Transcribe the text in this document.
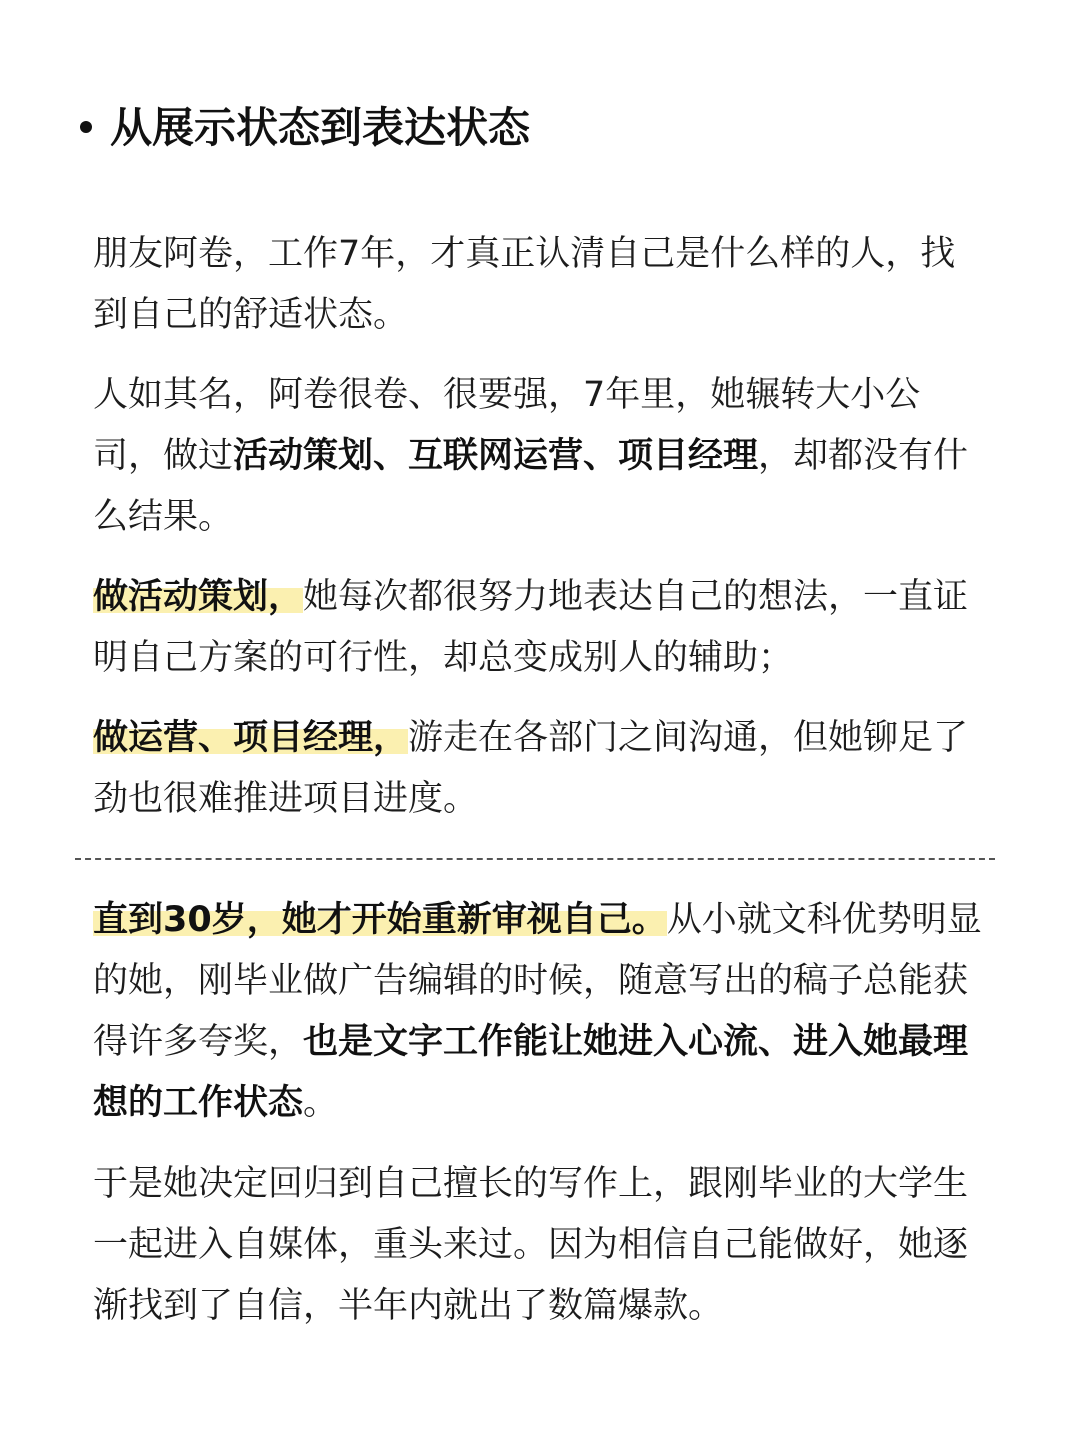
从展示状态到表达状态

朋友阿卷，工作7年，才真正认清自己是什么样的人，找到自己的舒适状态。

人如其名，阿卷很卷、很要强，7年里，她辗转大小公司，做过活动策划、互联网运营、项目经理，却都没有什么结果。

做活动策划，她每次都很努力地表达自己的想法，一直证明自己方案的可行性，却总变成别人的辅助；

做运营、项目经理，游走在各部门之间沟通，但她铆足了劲也很难推进项目进度。

直到30岁，她才开始重新审视自己。从小就文科优势明显的她，刚毕业做广告编辑的时候，随意写出的稿子总能获得许多夸奖，也是文字工作能让她进入心流、进入她最理想的工作状态。

于是她决定回归到自己擅长的写作上，跟刚毕业的大学生一起进入自媒体，重头来过。因为相信自己能做好，她逐渐找到了自信，半年内就出了数篇爆款。
